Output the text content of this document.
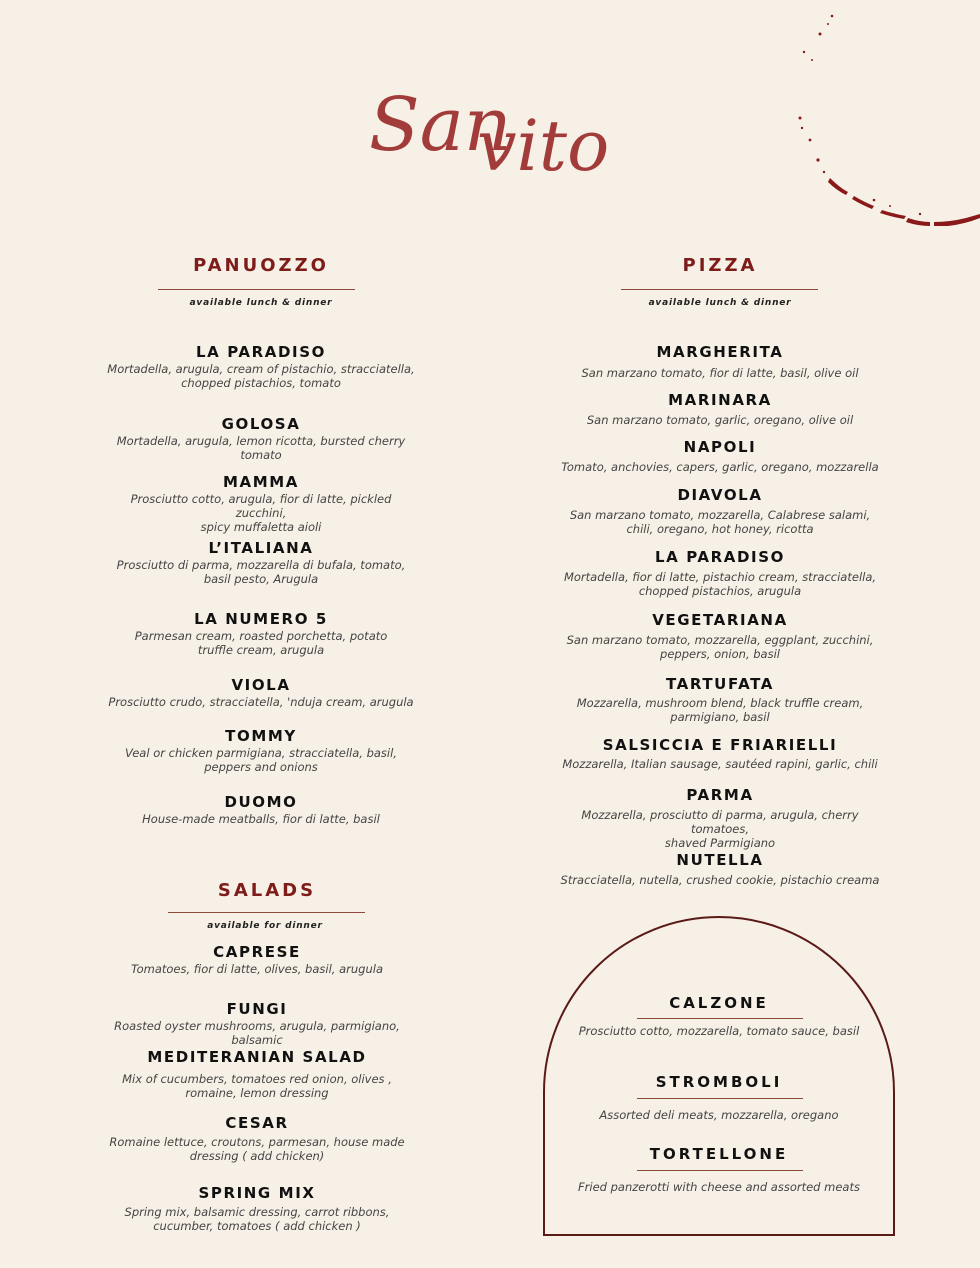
San
vito
PANUOZZO
available lunch & dinner
LA PARADISO
Mortadella, arugula, cream of pistachio, stracciatella,
chopped pistachios, tomato
GOLOSA
Mortadella, arugula, lemon ricotta, bursted cherry tomato
MAMMA
Prosciutto cotto, arugula, fior di latte, pickled zucchini,
spicy muffaletta aioli
L’ITALIANA
Prosciutto di parma, mozzarella di bufala, tomato,
basil pesto, Arugula
LA NUMERO 5
Parmesan cream, roasted porchetta, potato
truffle cream, arugula
VIOLA
Prosciutto crudo, stracciatella, 'nduja cream, arugula
TOMMY
Veal or chicken parmigiana, stracciatella, basil,
peppers and onions
DUOMO
House-made meatballs, fior di latte, basil
SALADS
available for dinner
CAPRESE
Tomatoes, fior di latte, olives, basil, arugula
FUNGI
Roasted oyster mushrooms, arugula, parmigiano, balsamic
MEDITERANIAN SALAD
Mix of cucumbers, tomatoes red onion, olives ,
romaine, lemon dressing
CESAR
Romaine lettuce, croutons, parmesan, house made
dressing ( add chicken)
SPRING MIX
Spring mix, balsamic dressing, carrot ribbons,
cucumber, tomatoes ( add chicken )
PIZZA
available lunch & dinner
MARGHERITA
San marzano tomato, fior di latte, basil, olive oil
MARINARA
San marzano tomato, garlic, oregano, olive oil
NAPOLI
Tomato, anchovies, capers, garlic, oregano, mozzarella
DIAVOLA
San marzano tomato, mozzarella, Calabrese salami,
chili, oregano, hot honey, ricotta
LA PARADISO
Mortadella, fior di latte, pistachio cream, stracciatella,
chopped pistachios, arugula
VEGETARIANA
San marzano tomato, mozzarella, eggplant, zucchini,
peppers, onion, basil
TARTUFATA
Mozzarella, mushroom blend, black truffle cream,
parmigiano, basil
SALSICCIA E FRIARIELLI
Mozzarella, Italian sausage, sautéed rapini, garlic, chili
PARMA
Mozzarella, prosciutto di parma, arugula, cherry tomatoes,
shaved Parmigiano
NUTELLA
Stracciatella, nutella, crushed cookie, pistachio creama
CALZONE
Prosciutto cotto, mozzarella, tomato sauce, basil
STROMBOLI
Assorted deli meats, mozzarella, oregano
TORTELLONE
Fried panzerotti with cheese and assorted meats
